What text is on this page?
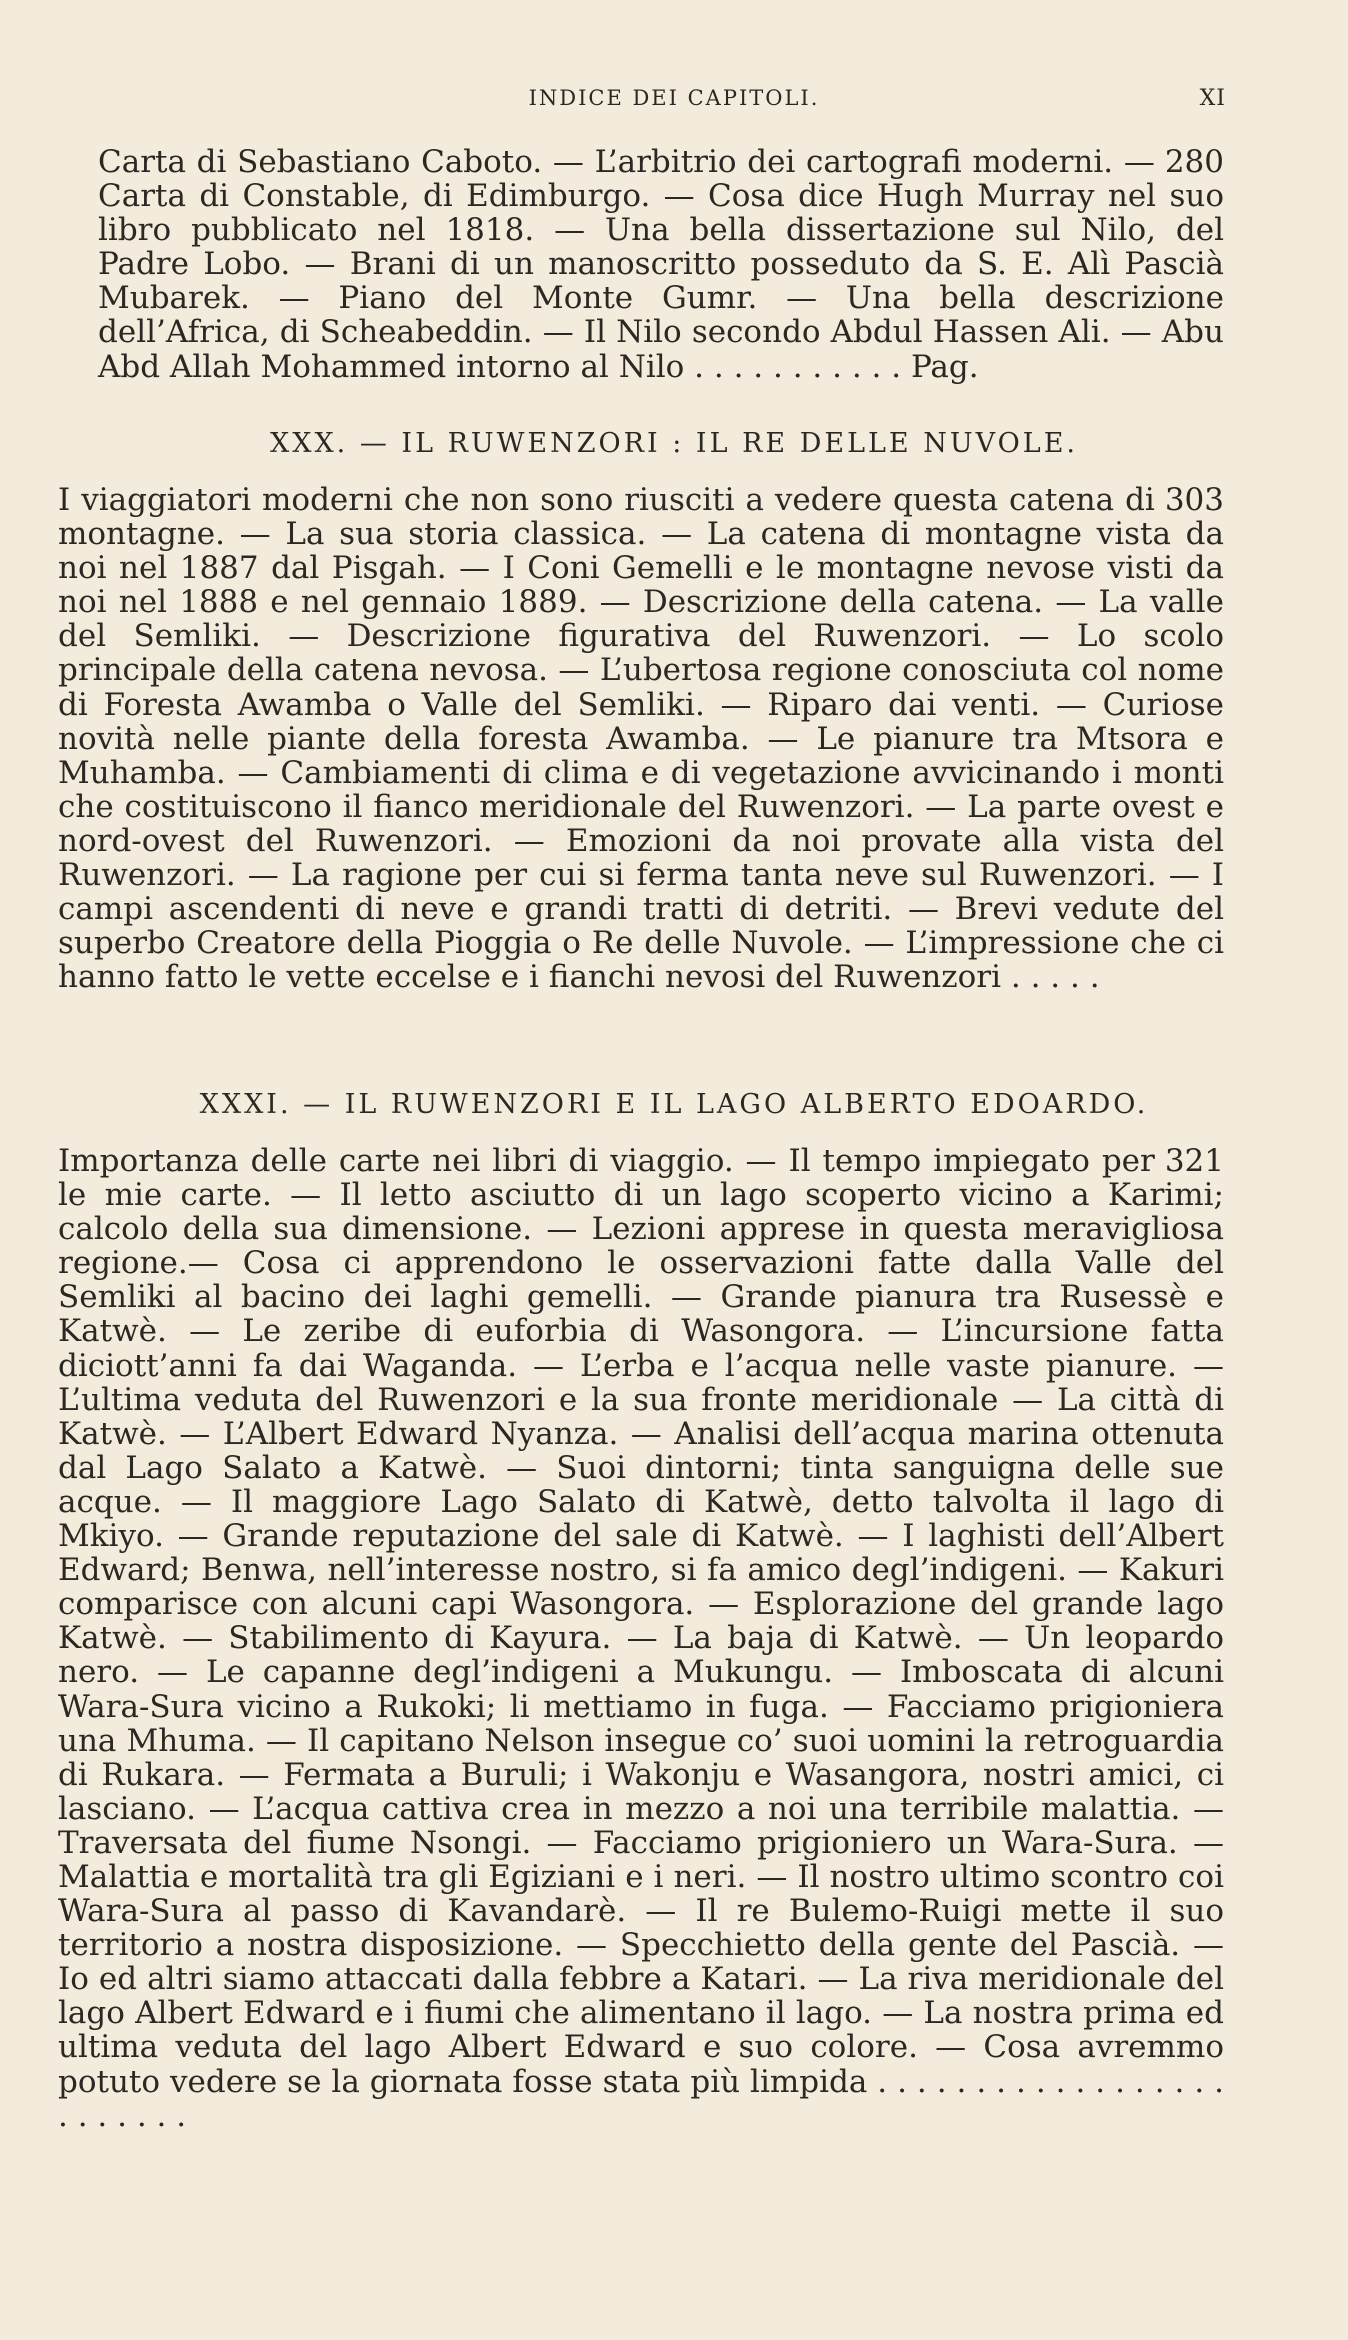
INDICE DEI CAPITOLI.	XI

280
Carta di Sebastiano Caboto. — L’arbitrio dei cartografi moderni. — Carta di Constable, di Edimburgo. — Cosa dice Hugh Murray nel suo libro pubblicato nel 1818. — Una bella dissertazione sul Nilo, del Padre Lobo. — Brani di un manoscritto posseduto da S. E. Alì Pascià Mubarek. — Piano del Monte Gumr. — Una bella descrizione dell’Africa, di Scheabeddin. — Il Nilo secondo Abdul Hassen Ali. — Abu Abd Allah Mohammed intorno al Nilo . . . . . . . . . . . Pag.

XXX. — IL RUWENZORI : IL RE DELLE NUVOLE.

303
I viaggiatori moderni che non sono riusciti a vedere questa catena di montagne. — La sua storia classica. — La catena di montagne vista da noi nel 1887 dal Pisgah. — I Coni Gemelli e le montagne nevose visti da noi nel 1888 e nel gennaio 1889. — Descrizione della catena. — La valle del Semliki. — Descrizione figurativa del Ruwenzori. — Lo scolo principale della catena nevosa. — L’ubertosa regione conosciuta col nome di Foresta Awamba o Valle del Semliki. — Riparo dai venti. — Curiose novità nelle piante della foresta Awamba. — Le pianure tra Mtsora e Muhamba. — Cambiamenti di clima e di vegetazione avvicinando i monti che costituiscono il fianco meridionale del Ruwenzori. — La parte ovest e nord-ovest del Ruwenzori. — Emozioni da noi provate alla vista del Ruwenzori. — La ragione per cui si ferma tanta neve sul Ruwenzori. — I campi ascendenti di neve e grandi tratti di detriti. — Brevi vedute del superbo Creatore della Pioggia o Re delle Nuvole. — L’impressione che ci hanno fatto le vette eccelse e i fianchi nevosi del Ruwenzori . . . . .

XXXI. — IL RUWENZORI E IL LAGO ALBERTO EDOARDO.

321
Importanza delle carte nei libri di viaggio. — Il tempo impiegato per le mie carte. — Il letto asciutto di un lago scoperto vicino a Karimi; calcolo della sua dimensione. — Lezioni apprese in questa meravigliosa regione.— Cosa ci apprendono le osservazioni fatte dalla Valle del Semliki al bacino dei laghi gemelli. — Grande pianura tra Rusessè e Katwè. — Le zeribe di euforbia di Wasongora. — L’incursione fatta diciott’anni fa dai Waganda. — L’erba e l’acqua nelle vaste pianure. — L’ultima veduta del Ruwenzori e la sua fronte meridionale — La città di Katwè. — L’Albert Edward Nyanza. — Analisi dell’acqua marina ottenuta dal Lago Salato a Katwè. — Suoi dintorni; tinta sanguigna delle sue acque. — Il maggiore Lago Salato di Katwè, detto talvolta il lago di Mkiyo. — Grande reputazione del sale di Katwè. — I laghisti dell’Albert Edward; Benwa, nell’interesse nostro, si fa amico degl’indigeni. — Kakuri comparisce con alcuni capi Wasongora. — Esplorazione del grande lago Katwè. — Stabilimento di Kayura. — La baja di Katwè. — Un leopardo nero. — Le capanne degl’indigeni a Mukungu. — Imboscata di alcuni Wara-Sura vicino a Rukoki; li mettiamo in fuga. — Facciamo prigioniera una Mhuma. — Il capitano Nelson insegue co’ suoi uomini la retroguardia di Rukara. — Fermata a Buruli; i Wakonju e Wasangora, nostri amici, ci lasciano. — L’acqua cattiva crea in mezzo a noi una terribile malattia. — Traversata del fiume Nsongi. — Facciamo prigioniero un Wara-Sura. — Malattia e mortalità tra gli Egiziani e i neri. — Il nostro ultimo scontro coi Wara-Sura al passo di Kavandarè. — Il re Bulemo-Ruigi mette il suo territorio a nostra disposizione. — Specchietto della gente del Pascià. — Io ed altri siamo attaccati dalla febbre a Katari. — La riva meridionale del lago Albert Edward e i fiumi che alimentano il lago. — La nostra prima ed ultima veduta del lago Albert Edward e suo colore. — Cosa avremmo potuto vedere se la giornata fosse stata più limpida . . . . . . . . . . . . . . . . . . . . . . . . .
